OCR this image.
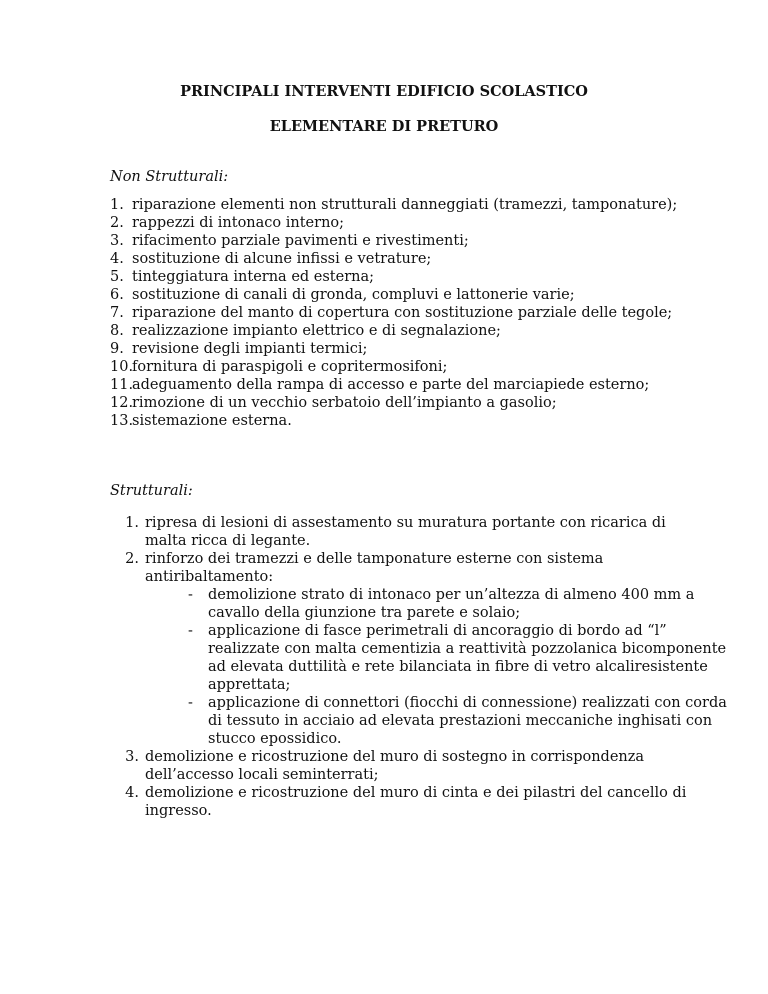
PRINCIPALI INTERVENTI EDIFICIO SCOLASTICO
ELEMENTARE DI PRETURO
Non Strutturali:
1. riparazione elementi non strutturali danneggiati (tramezzi, tamponature);
2. rappezzi di intonaco interno;
3. rifacimento parziale pavimenti e rivestimenti;
4. sostituzione di alcune infissi e vetrature;
5. tinteggiatura interna ed esterna;
6. sostituzione di canali di gronda, compluvi e lattonerie varie;
7. riparazione del manto di copertura con sostituzione parziale delle tegole;
8. realizzazione impianto elettrico e di segnalazione;
9. revisione degli impianti termici;
10.
fornitura di paraspigoli e copritermosifoni;
11.
adeguamento della rampa di accesso e parte del marciapiede esterno;
12.
rimozione di un vecchio serbatoio dell’impianto a gasolio;
13.
sistemazione esterna.
Strutturali:
1. ripresa di lesioni di assestamento su muratura portante con ricarica di malta ricca di legante.
2. rinforzo dei tramezzi e delle tamponature esterne con sistema antiribaltamento:
-	demolizione strato di intonaco per un’altezza di almeno 400 mm a cavallo della giunzione tra parete e solaio;
-	applicazione di fasce perimetrali di ancoraggio di bordo ad “l” realizzate con malta cementizia a reattività pozzolanica bicomponente ad elevata duttilità e rete bilanciata in fibre di vetro alcaliresistente apprettata;
-	applicazione di connettori (fiocchi di connessione) realizzati con corda di tessuto in acciaio ad elevata prestazioni meccaniche inghisati con stucco epossidico.
3. demolizione e ricostruzione del muro di sostegno in corrispondenza dell’accesso locali seminterrati;
4. demolizione e ricostruzione del muro di cinta e dei pilastri del cancello di ingresso.
